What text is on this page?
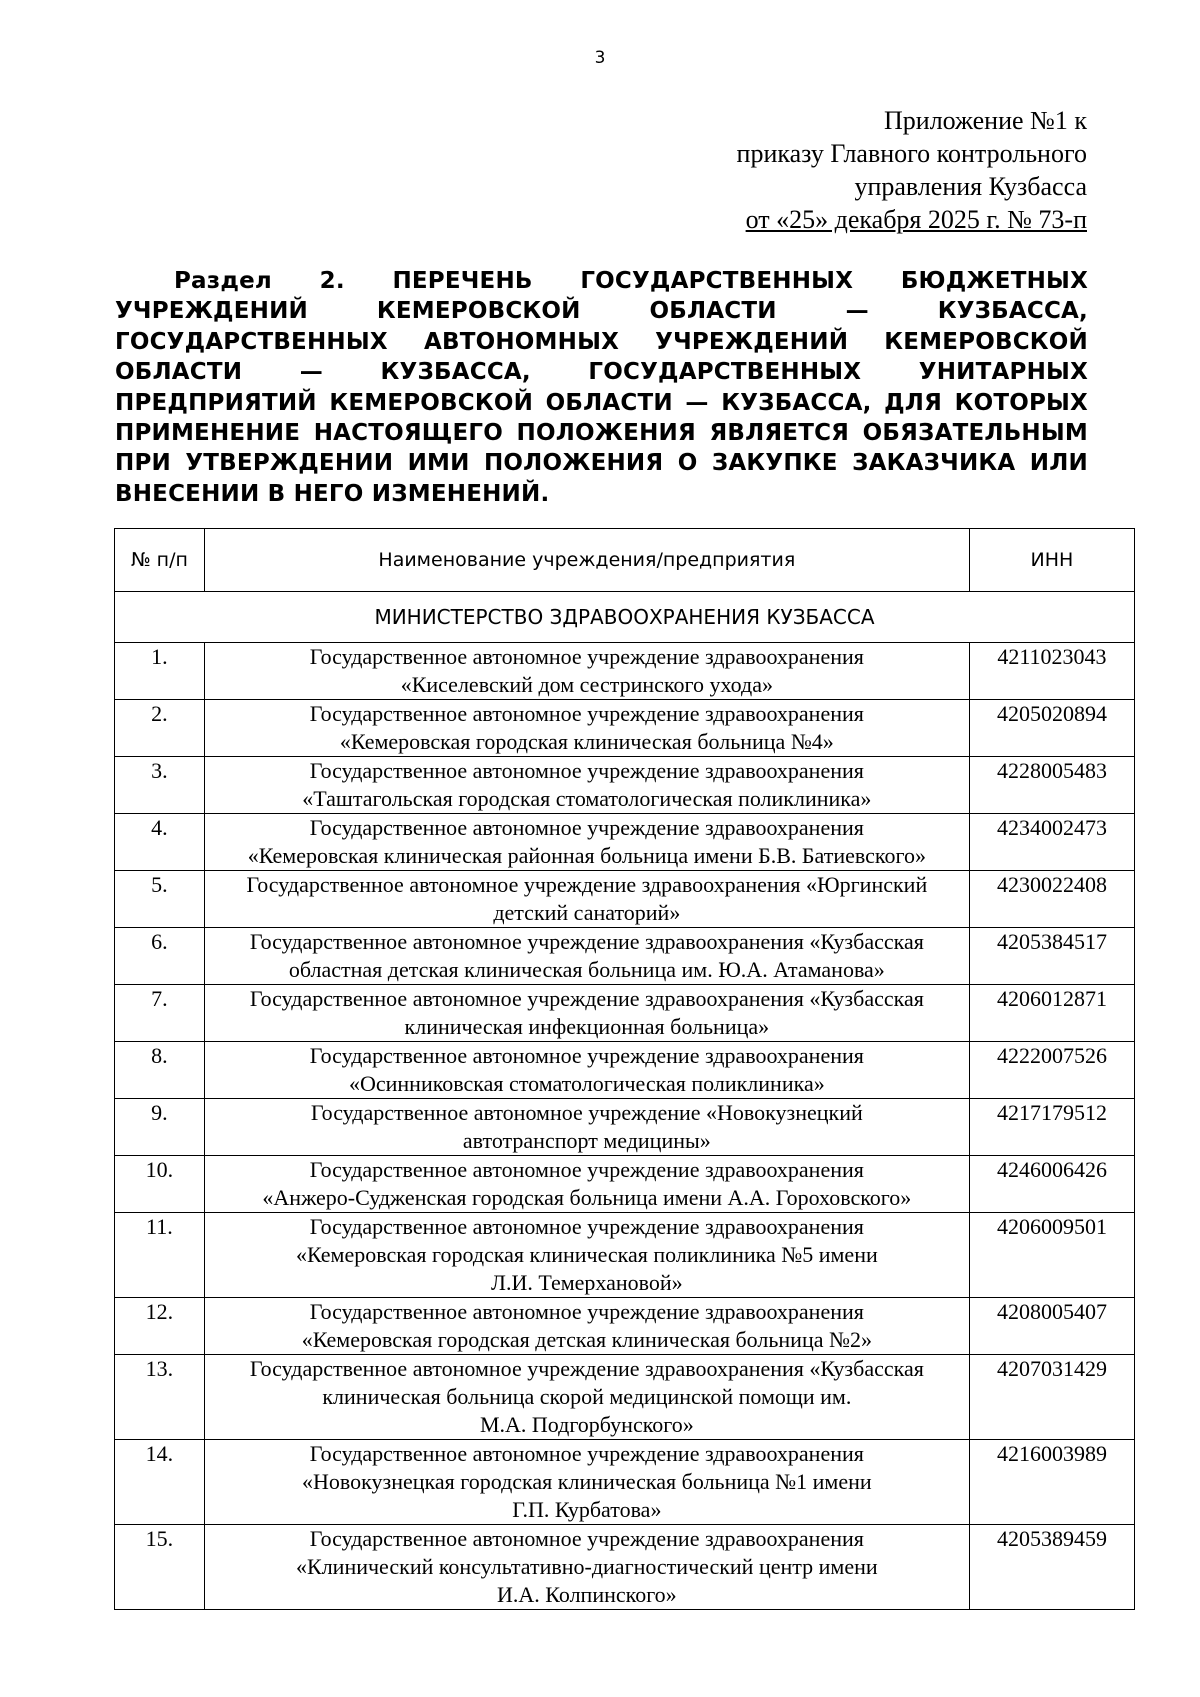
3
Приложение №1 к
приказу Главного контрольного
управления Кузбасса
от «25» декабря 2025 г. № 73-п
Раздел 2. ПЕРЕЧЕНЬ ГОСУДАРСТВЕННЫХ БЮДЖЕТНЫХ УЧРЕЖДЕНИЙ КЕМЕРОВСКОЙ ОБЛАСТИ — КУЗБАССА, ГОСУДАРСТВЕННЫХ АВТОНОМНЫХ УЧРЕЖДЕНИЙ КЕМЕРОВСКОЙ ОБЛАСТИ — КУЗБАССА, ГОСУДАРСТВЕННЫХ УНИТАРНЫХ ПРЕДПРИЯТИЙ КЕМЕРОВСКОЙ ОБЛАСТИ — КУЗБАССА, ДЛЯ КОТОРЫХ ПРИМЕНЕНИЕ НАСТОЯЩЕГО ПОЛОЖЕНИЯ ЯВЛЯЕТСЯ ОБЯЗАТЕЛЬНЫМ ПРИ УТВЕРЖДЕНИИ ИМИ ПОЛОЖЕНИЯ О ЗАКУПКЕ ЗАКАЗЧИКА ИЛИ ВНЕСЕНИИ В НЕГО ИЗМЕНЕНИЙ.
№ п/п	Наименование учреждения/предприятия	ИНН
МИНИСТЕРСТВО ЗДРАВООХРАНЕНИЯ КУЗБАССА		
1.	Государственное автономное учреждение здравоохранения
«Киселевский дом сестринского ухода»	4211023043
2.	Государственное автономное учреждение здравоохранения
«Кемеровская городская клиническая больница №4»	4205020894
3.	Государственное автономное учреждение здравоохранения
«Таштагольская городская стоматологическая поликлиника»	4228005483
4.	Государственное автономное учреждение здравоохранения
«Кемеровская клиническая районная больница имени Б.В. Батиевского»	4234002473
5.	Государственное автономное учреждение здравоохранения «Юргинский
детский санаторий»	4230022408
6.	Государственное автономное учреждение здравоохранения «Кузбасская
областная детская клиническая больница им. Ю.А. Атаманова»	4205384517
7.	Государственное автономное учреждение здравоохранения «Кузбасская
клиническая инфекционная больница»	4206012871
8.	Государственное автономное учреждение здравоохранения
«Осинниковская стоматологическая поликлиника»	4222007526
9.	Государственное автономное учреждение «Новокузнецкий
автотранспорт медицины»	4217179512
10.	Государственное автономное учреждение здравоохранения
«Анжеро-Судженская городская больница имени А.А. Гороховского»	4246006426
11.	Государственное автономное учреждение здравоохранения
«Кемеровская городская клиническая поликлиника №5 имени
Л.И. Темерхановой»	4206009501
12.	Государственное автономное учреждение здравоохранения
«Кемеровская городская детская клиническая больница №2»	4208005407
13.	Государственное автономное учреждение здравоохранения «Кузбасская
клиническая больница скорой медицинской помощи им.
М.А. Подгорбунского»	4207031429
14.	Государственное автономное учреждение здравоохранения
«Новокузнецкая городская клиническая больница №1 имени
Г.П. Курбатова»	4216003989
15.	Государственное автономное учреждение здравоохранения
«Клинический консультативно-диагностический центр имени
И.А. Колпинского»	4205389459
